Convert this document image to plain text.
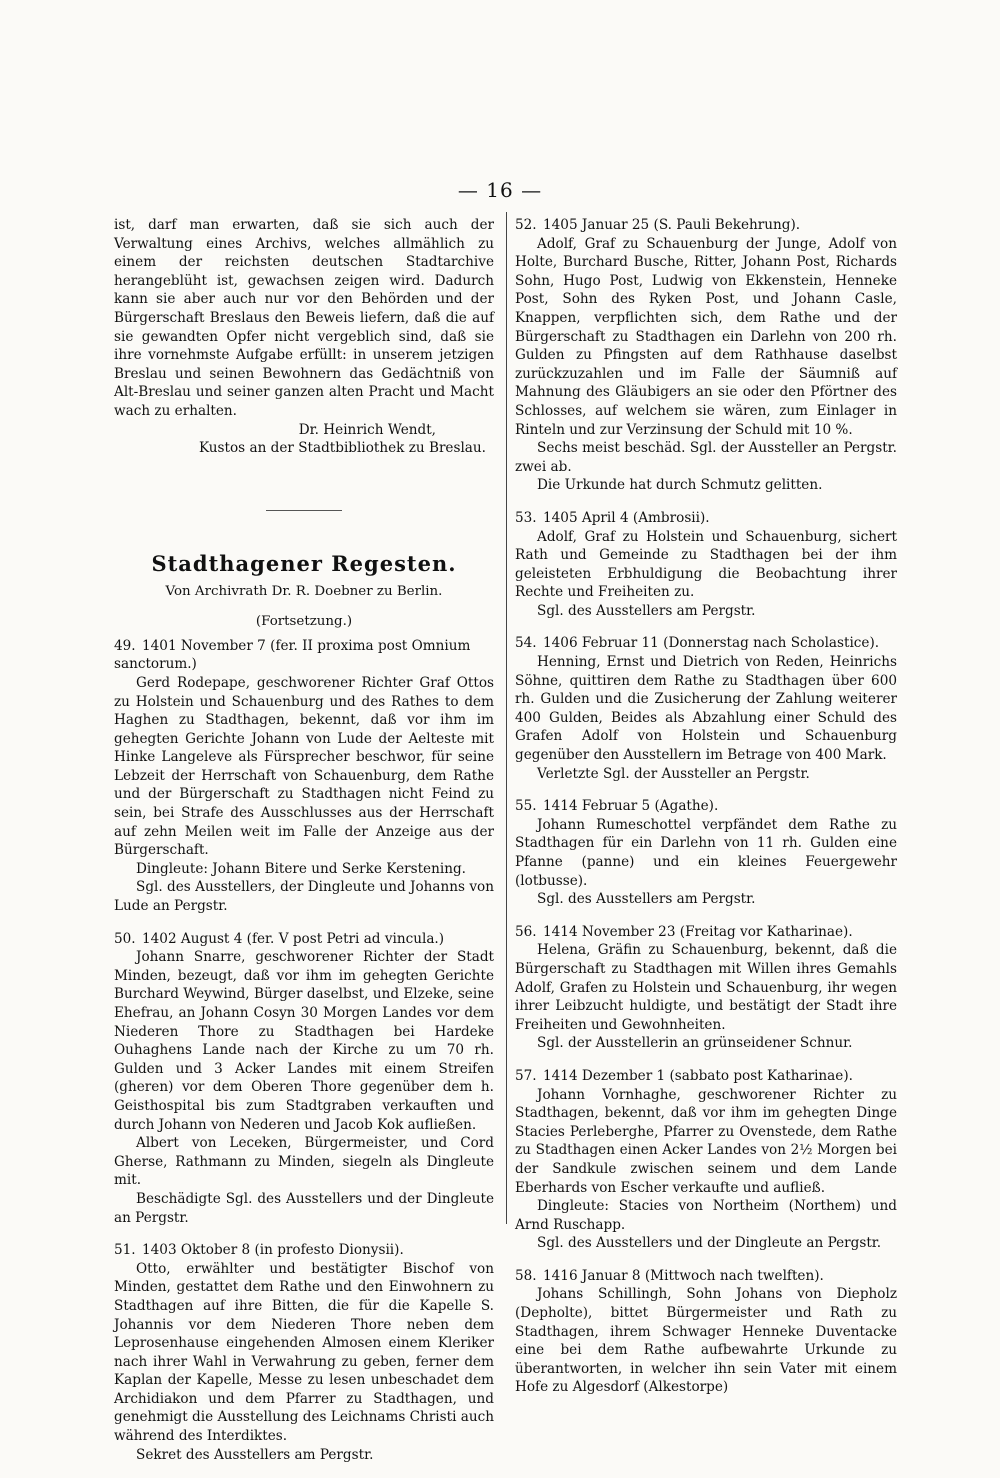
— 16 —

ist, darf man erwarten, daß sie sich auch der Verwaltung eines Archivs, welches allmählich zu einem der reichsten deutschen Stadtarchive herangeblüht ist, gewachsen zeigen wird. Dadurch kann sie aber auch nur vor den Behörden und der Bürgerschaft Breslaus den Beweis liefern, daß die auf sie gewandten Opfer nicht vergeblich sind, daß sie ihre vornehmste Aufgabe erfüllt: in unserem jetzigen Breslau und seinen Bewohnern das Gedächtniß von Alt-Breslau und seiner ganzen alten Pracht und Macht wach zu erhalten.

Dr. Heinrich Wendt,
Kustos an der Stadtbibliothek zu Breslau.
Stadthagener Regesten.
Von Archivrath Dr. R. Doebner zu Berlin.
(Fortsetzung.)

49. 1401 November 7 (fer. II proxima post Omnium sanctorum.)

Gerd Rodepape, geschworener Richter Graf Ottos zu Holstein und Schauenburg und des Rathes to dem Haghen zu Stadthagen, bekennt, daß vor ihm im gehegten Gerichte Johann von Lude der Aelteste mit Hinke Langeleve als Fürsprecher beschwor, für seine Lebzeit der Herrschaft von Schauenburg, dem Rathe und der Bürgerschaft zu Stadthagen nicht Feind zu sein, bei Strafe des Ausschlusses aus der Herrschaft auf zehn Meilen weit im Falle der Anzeige aus der Bürgerschaft.

Dingleute: Johann Bitere und Serke Kerstening.

Sgl. des Ausstellers, der Dingleute und Johanns von Lude an Pergstr.

50. 1402 August 4 (fer. V post Petri ad vincula.)

Johann Snarre, geschworener Richter der Stadt Minden, bezeugt, daß vor ihm im gehegten Gerichte Burchard Weywind, Bürger daselbst, und Elzeke, seine Ehefrau, an Johann Cosyn 30 Morgen Landes vor dem Niederen Thore zu Stadthagen bei Hardeke Ouhaghens Lande nach der Kirche zu um 70 rh. Gulden und 3 Acker Landes mit einem Streifen (gheren) vor dem Oberen Thore gegenüber dem h. Geisthospital bis zum Stadtgraben verkauften und durch Johann von Nederen und Jacob Kok aufließen.

Albert von Leceken, Bürgermeister, und Cord Gherse, Rathmann zu Minden, siegeln als Dingleute mit.

Beschädigte Sgl. des Ausstellers und der Dingleute an Pergstr.

51. 1403 Oktober 8 (in profesto Dionysii).

Otto, erwählter und bestätigter Bischof von Minden, gestattet dem Rathe und den Einwohnern zu Stadthagen auf ihre Bitten, die für die Kapelle S. Johannis vor dem Niederen Thore neben dem Leprosenhause eingehenden Almosen einem Kleriker nach ihrer Wahl in Verwahrung zu geben, ferner dem Kaplan der Kapelle, Messe zu lesen unbeschadet dem Archidiakon und dem Pfarrer zu Stadthagen, und genehmigt die Ausstellung des Leichnams Christi auch während des Interdiktes.

Sekret des Ausstellers am Pergstr.

52. 1405 Januar 25 (S. Pauli Bekehrung).

Adolf, Graf zu Schauenburg der Junge, Adolf von Holte, Burchard Busche, Ritter, Johann Post, Richards Sohn, Hugo Post, Ludwig von Ekkenstein, Henneke Post, Sohn des Ryken Post, und Johann Casle, Knappen, verpflichten sich, dem Rathe und der Bürgerschaft zu Stadthagen ein Darlehn von 200 rh. Gulden zu Pfingsten auf dem Rathhause daselbst zurückzuzahlen und im Falle der Säumniß auf Mahnung des Gläubigers an sie oder den Pförtner des Schlosses, auf welchem sie wären, zum Einlager in Rinteln und zur Verzinsung der Schuld mit 10 %.

Sechs meist beschäd. Sgl. der Aussteller an Pergstr. zwei ab.

Die Urkunde hat durch Schmutz gelitten.

53. 1405 April 4 (Ambrosii).

Adolf, Graf zu Holstein und Schauenburg, sichert Rath und Gemeinde zu Stadthagen bei der ihm geleisteten Erbhuldigung die Beobachtung ihrer Rechte und Freiheiten zu.

Sgl. des Ausstellers am Pergstr.

54. 1406 Februar 11 (Donnerstag nach Scholastice).

Henning, Ernst und Dietrich von Reden, Heinrichs Söhne, quittiren dem Rathe zu Stadthagen über 600 rh. Gulden und die Zusicherung der Zahlung weiterer 400 Gulden, Beides als Abzahlung einer Schuld des Grafen Adolf von Holstein und Schauenburg gegenüber den Ausstellern im Betrage von 400 Mark.

Verletzte Sgl. der Aussteller an Pergstr.

55. 1414 Februar 5 (Agathe).

Johann Rumeschottel verpfändet dem Rathe zu Stadthagen für ein Darlehn von 11 rh. Gulden eine Pfanne (panne) und ein kleines Feuergewehr (lotbusse).

Sgl. des Ausstellers am Pergstr.

56. 1414 November 23 (Freitag vor Katharinae).

Helena, Gräfin zu Schauenburg, bekennt, daß die Bürgerschaft zu Stadthagen mit Willen ihres Gemahls Adolf, Grafen zu Holstein und Schauenburg, ihr wegen ihrer Leibzucht huldigte, und bestätigt der Stadt ihre Freiheiten und Gewohnheiten.

Sgl. der Ausstellerin an grünseidener Schnur.

57. 1414 Dezember 1 (sabbato post Katharinae).

Johann Vornhaghe, geschworener Richter zu Stadthagen, bekennt, daß vor ihm im gehegten Dinge Stacies Perleberghe, Pfarrer zu Ovenstede, dem Rathe zu Stadthagen einen Acker Landes von 2½ Morgen bei der Sandkule zwischen seinem und dem Lande Eberhards von Escher verkaufte und aufließ.

Dingleute: Stacies von Northeim (Northem) und Arnd Ruschapp.

Sgl. des Ausstellers und der Dingleute an Pergstr.

58. 1416 Januar 8 (Mittwoch nach twelften).

Johans Schillingh, Sohn Johans von Diepholz (Depholte), bittet Bürgermeister und Rath zu Stadthagen, ihrem Schwager Henneke Duventacke eine bei dem Rathe aufbewahrte Urkunde zu überantworten, in welcher ihn sein Vater mit einem Hofe zu Algesdorf (Alkestorpe)
